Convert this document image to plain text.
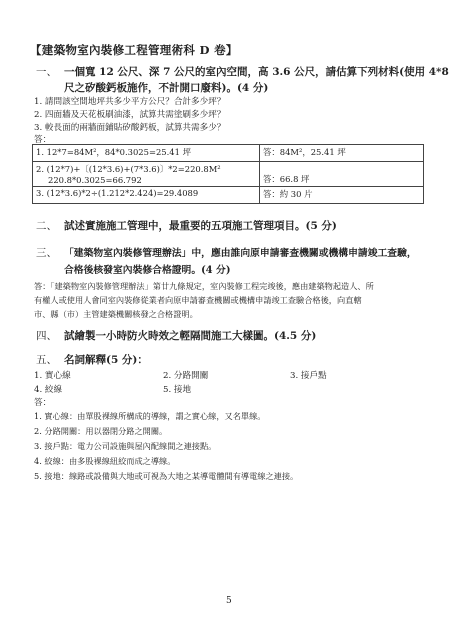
【建築物室內裝修工程管理術科 D 卷】
一、 一個寬 12 公尺、深 7 公尺的室內空間，高 3.6 公尺，請估算下列材料(使用 4*8
尺之矽酸鈣板施作，不計開口廢料)。(4 分)
1. 請問該空間地坪共多少平方公尺？合計多少坪？
2. 四面牆及天花板刷油漆，試算共需塗刷多少坪？
3. 較長面的兩牆面鋪貼矽酸鈣板，試算共需多少？
答：
1. 12*7=84M²，84*0.3025=25.41 坪	答：84M²，25.41 坪

2. (12*7)+〔(12*3.6)+(7*3.6)〕*2=220.8M²
220.8*0.3025=66.792	答：66.8 坪
3. (12*3.6)*2÷(1.212*2.424)=29.4089	答：約 30 片
二、 試述實施施工管理中，最重要的五項施工管理項目。(5 分)
三、 「建築物室內裝修管理辦法」中，應由誰向原申請審查機關或機構申請竣工查驗，
合格後核發室內裝修合格證明。(4 分)
答：「建築物室內裝修管理辦法」第廿九條規定，室內裝修工程完竣後，應由建築物起造人、所
有權人或使用人會同室內裝修從業者向原申請審查機關或機構申請竣工查驗合格後，向直轄
市、縣（市）主管建築機關核發之合格證明。
四、 試繪製一小時防火時效之輕隔間施工大樣圖。(4.5 分)
五、 名詞解釋(5 分)：
1. 實心線	2. 分路開關	3. 接戶點
4. 絞線	5. 接地
答：
1. 實心線：由單股裸線所構成的導線，謂之實心線，又名單線。
2. 分路開關：用以器閉分路之開關。
3. 接戶點：電力公司設施與屋內配線間之連接點。
4. 絞線：由多股裸線紐絞而成之導線。
5. 接地：線路或設備與大地或可視為大地之某導電體間有導電線之連接。
5
